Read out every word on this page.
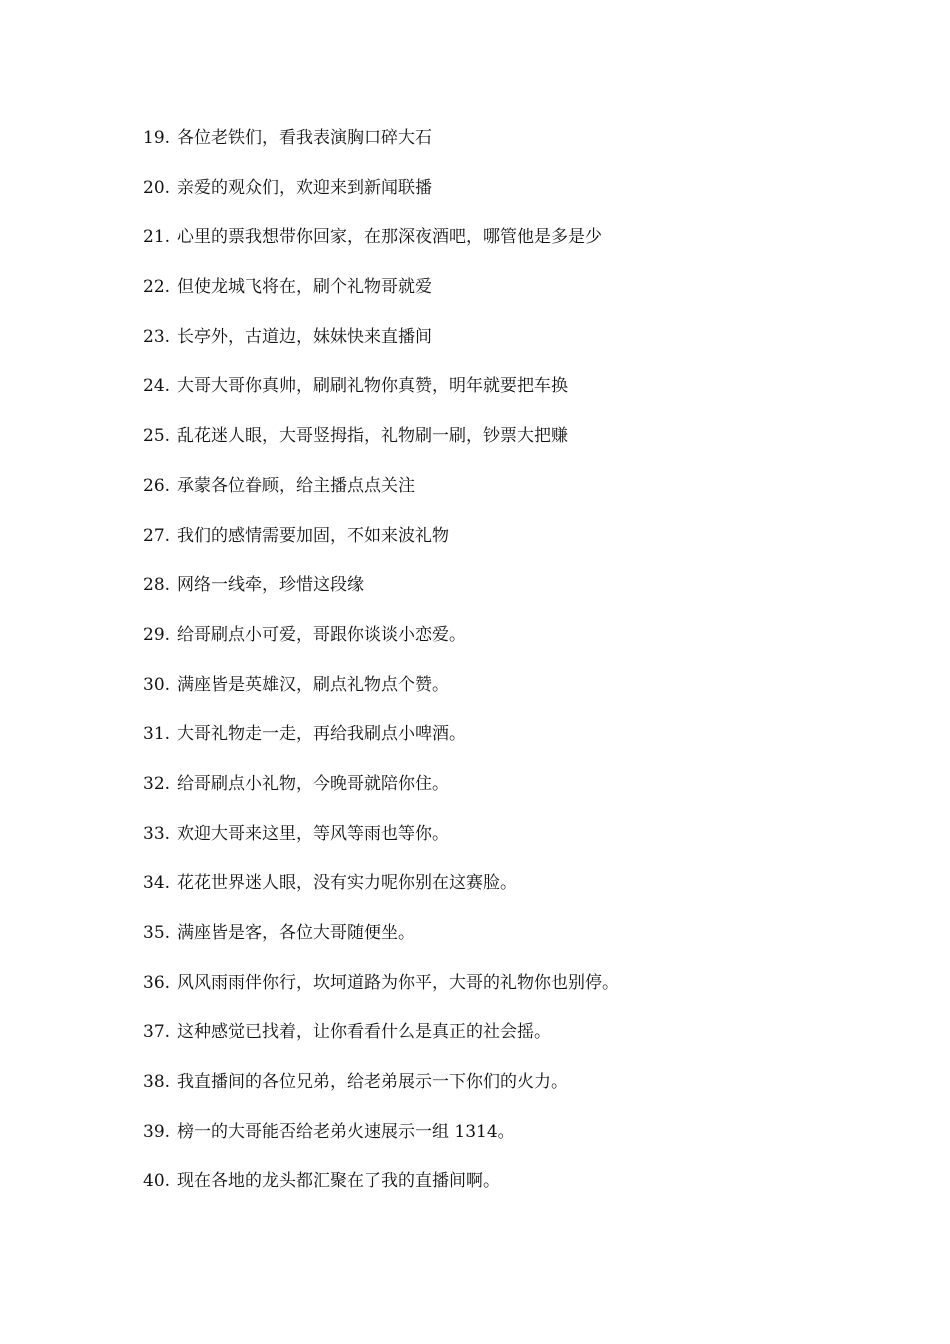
19. 各位老铁们，看我表演胸口碎大石
20. 亲爱的观众们，欢迎来到新闻联播
21. 心里的票我想带你回家，在那深夜酒吧，哪管他是多是少
22. 但使龙城飞将在，刷个礼物哥就爱
23. 长亭外，古道边，妹妹快来直播间
24. 大哥大哥你真帅，刷刷礼物你真赞，明年就要把车换
25. 乱花迷人眼，大哥竖拇指，礼物刷一刷，钞票大把赚
26. 承蒙各位眷顾，给主播点点关注
27. 我们的感情需要加固，不如来波礼物
28. 网络一线牵，珍惜这段缘
29. 给哥刷点小可爱，哥跟你谈谈小恋爱。
30. 满座皆是英雄汉，刷点礼物点个赞。
31. 大哥礼物走一走，再给我刷点小啤酒。
32. 给哥刷点小礼物，今晚哥就陪你住。
33. 欢迎大哥来这里，等风等雨也等你。
34. 花花世界迷人眼，没有实力呢你别在这赛脸。
35. 满座皆是客，各位大哥随便坐。
36. 风风雨雨伴你行，坎坷道路为你平，大哥的礼物你也别停。
37. 这种感觉已找着，让你看看什么是真正的社会摇。
38. 我直播间的各位兄弟，给老弟展示一下你们的火力。
39. 榜一的大哥能否给老弟火速展示一组 1314。
40. 现在各地的龙头都汇聚在了我的直播间啊。
